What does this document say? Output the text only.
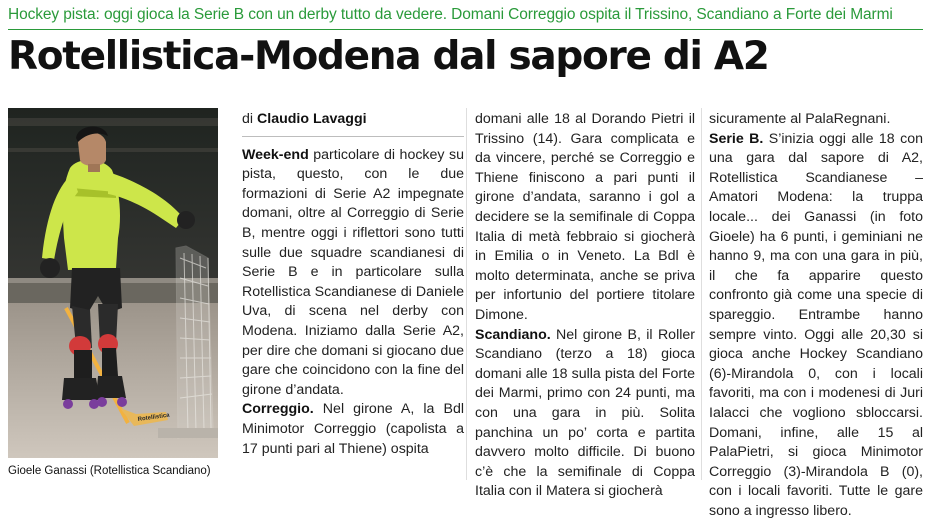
Hockey pista: oggi gioca la Serie B con un derby tutto da vedere. Domani Correggio ospita il Trissino, Scandiano a Forte dei Marmi
Rotellistica-Modena dal sapore di A2
Rotellistica
Gioele Ganassi (Rotellistica Scandiano)

di Claudio Lavaggi

Week-end particolare di hockey su pista, questo, con le due formazioni di Serie A2 impegnate domani, oltre al Correggio di Serie B, mentre oggi i riflettori sono tutti sulle due squadre scandianesi di Serie B e in particolare sulla Rotellistica Scandianese di Daniele Uva, di scena nel derby con Modena. Iniziamo dalla Serie A2, per dire che domani si giocano due gare che coincidono con la fine del girone d’andata.

Correggio. Nel girone A, la Bdl Minimotor Correggio (capolista a 17 punti pari al Thiene) ospita

domani alle 18 al Dorando Pietri il Trissino (14). Gara complicata e da vincere, perché se Correggio e Thiene finiscono a pari punti il girone d’andata, saranno i gol a decidere se la semifinale di Coppa Italia di metà febbraio si giocherà in Emilia o in Veneto. La Bdl è molto determinata, anche se priva per infortunio del portiere titolare Dimone.

Scandiano. Nel girone B, il Roller Scandiano (terzo a 18) gioca domani alle 18 sulla pista del Forte dei Marmi, primo con 24 punti, ma con una gara in più. Solita panchina un po’ corta e partita davvero molto difficile. Di buono c’è che la semifinale di Coppa Italia con il Matera si giocherà

sicuramente al PalaRegnani.

Serie B. S’inizia oggi alle 18 con una gara dal sapore di A2, Rotellistica Scandianese – Amatori Modena: la truppa locale... dei Ganassi (in foto Gioele) ha 6 punti, i geminiani ne hanno 9, ma con una gara in più, il che fa apparire questo confronto già come una specie di spareggio. Entrambe hanno sempre vinto. Oggi alle 20,30 si gioca anche Hockey Scandiano (6)-Mirandola 0, con i locali favoriti, ma con i modenesi di Juri Ialacci che vogliono sbloccarsi. Domani, infine, alle 15 al PalaPietri, si gioca Minimotor Correggio (3)-Mirandola B (0), con i locali favoriti. Tutte le gare sono a ingresso libero.
